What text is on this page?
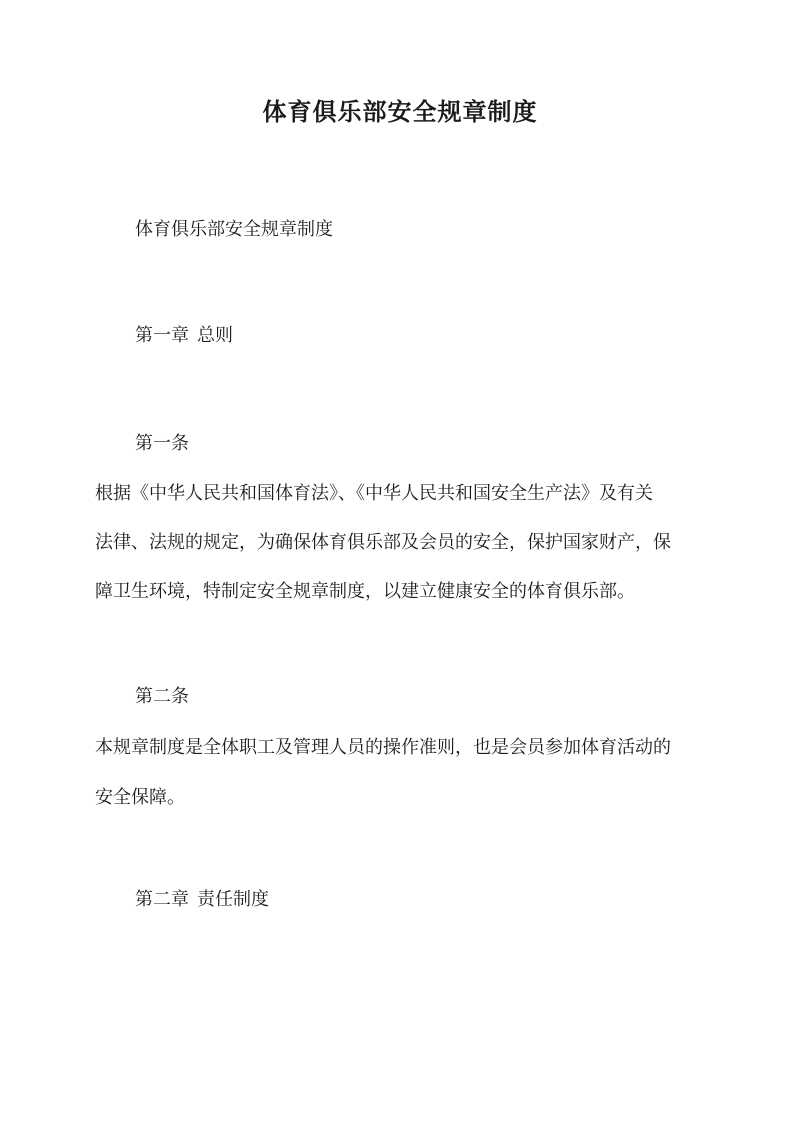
体育俱乐部安全规章制度
体育俱乐部安全规章制度
第一章 总则
第一条
根据《中华人民共和国体育法》、《中华人民共和国安全生产法》及有关
法律、法规的规定，为确保体育俱乐部及会员的安全，保护国家财产，保
障卫生环境，特制定安全规章制度，以建立健康安全的体育俱乐部。
第二条
本规章制度是全体职工及管理人员的操作准则，也是会员参加体育活动的
安全保障。
第二章 责任制度
